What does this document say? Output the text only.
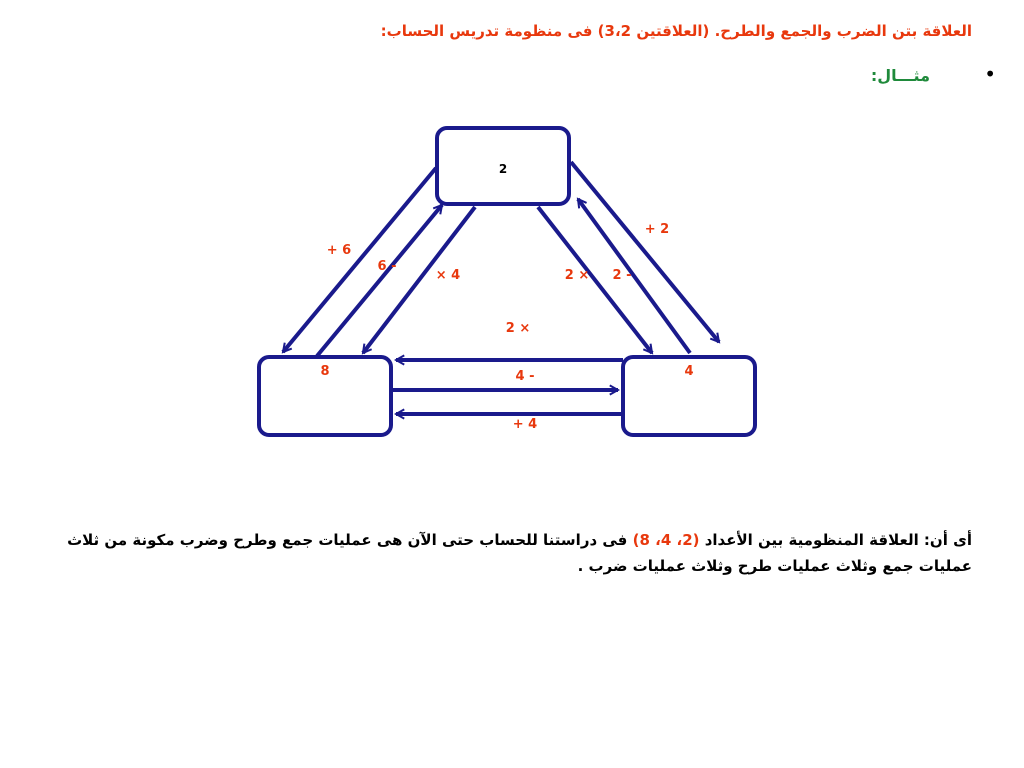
العلاقة بتن الضرب والجمع والطرح. (العلاقتين 3،2) فى منظومة تدريس الحساب:
•
مثـــال:
2
8	4
+ 6
6 -
× 4	2 × 2 -
+ 2
2 ×
4 -
+ 4
أى أن: العلاقة المنظومية بين الأعداد (2، 4، 8) فى دراستنا للحساب حتى الآن هى عمليات جمع وطرح وضرب مكونة من ثلاث عمليات جمع وثلاث عمليات طرح وثلاث عمليات ضرب .
